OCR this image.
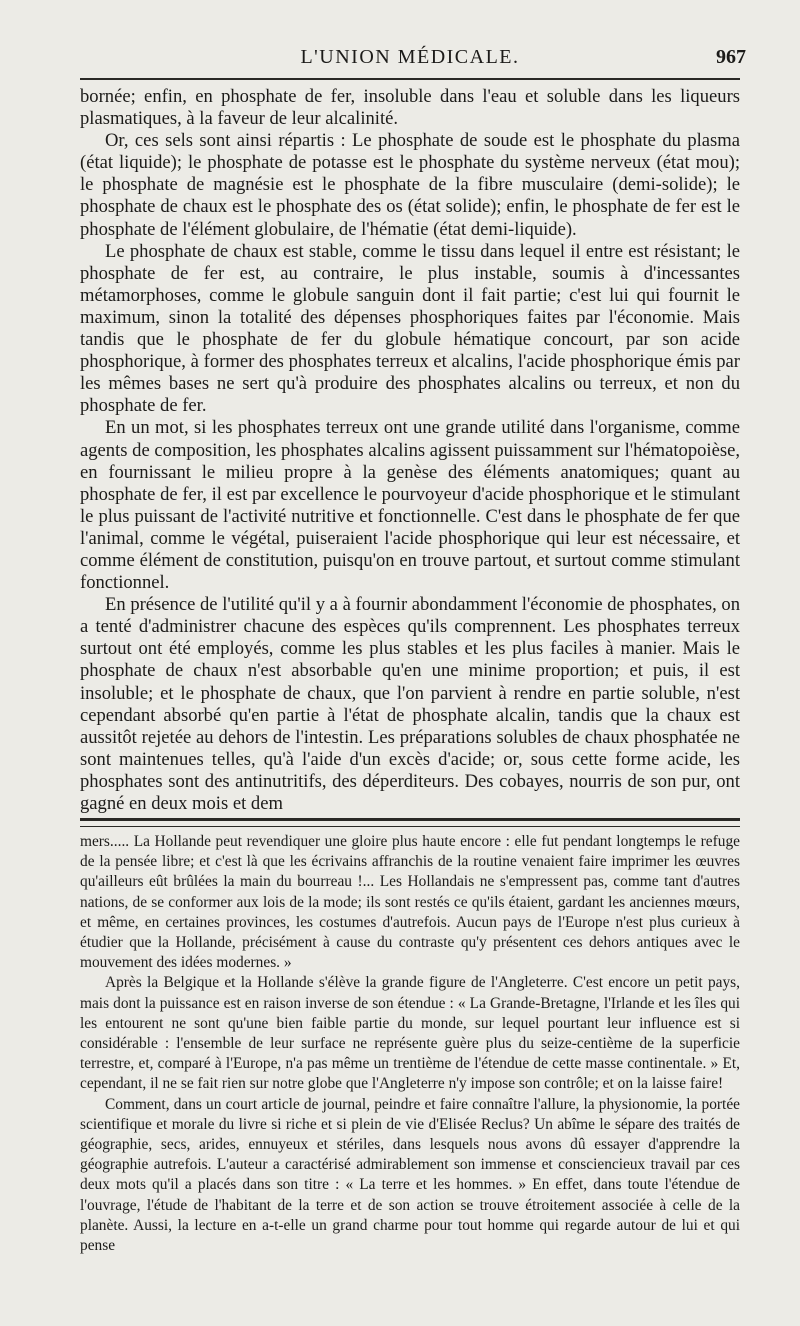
L'UNION MÉDICALE.	967

bornée; enfin, en phosphate de fer, insoluble dans l'eau et soluble dans les liqueurs plasmatiques, à la faveur de leur alcalinité.

Or, ces sels sont ainsi répartis : Le phosphate de soude est le phosphate du plasma (état liquide); le phosphate de potasse est le phosphate du système nerveux (état mou); le phosphate de magnésie est le phosphate de la fibre musculaire (demi-solide); le phosphate de chaux est le phosphate des os (état solide); enfin, le phosphate de fer est le phosphate de l'élément globulaire, de l'hématie (état demi-liquide).

Le phosphate de chaux est stable, comme le tissu dans lequel il entre est résistant; le phosphate de fer est, au contraire, le plus instable, soumis à d'incessantes métamorphoses, comme le globule sanguin dont il fait partie; c'est lui qui fournit le maximum, sinon la totalité des dépenses phosphoriques faites par l'économie. Mais tandis que le phosphate de fer du globule hématique concourt, par son acide phosphorique, à former des phosphates terreux et alcalins, l'acide phosphorique émis par les mêmes bases ne sert qu'à produire des phosphates alcalins ou terreux, et non du phosphate de fer.

En un mot, si les phosphates terreux ont une grande utilité dans l'organisme, comme agents de composition, les phosphates alcalins agissent puissamment sur l'hématopoièse, en fournissant le milieu propre à la genèse des éléments anatomiques; quant au phosphate de fer, il est par excellence le pourvoyeur d'acide phosphorique et le stimulant le plus puissant de l'activité nutritive et fonctionnelle. C'est dans le phosphate de fer que l'animal, comme le végétal, puiseraient l'acide phosphorique qui leur est nécessaire, et comme élément de constitution, puisqu'on en trouve partout, et surtout comme stimulant fonctionnel.

En présence de l'utilité qu'il y a à fournir abondamment l'économie de phosphates, on a tenté d'administrer chacune des espèces qu'ils comprennent. Les phosphates terreux surtout ont été employés, comme les plus stables et les plus faciles à manier. Mais le phosphate de chaux n'est absorbable qu'en une minime proportion; et puis, il est insoluble; et le phosphate de chaux, que l'on parvient à rendre en partie soluble, n'est cependant absorbé qu'en partie à l'état de phosphate alcalin, tandis que la chaux est aussitôt rejetée au dehors de l'intestin. Les préparations solubles de chaux phosphatée ne sont maintenues telles, qu'à l'aide d'un excès d'acide; or, sous cette forme acide, les phosphates sont des antinutritifs, des déperditeurs. Des cobayes, nourris de son pur, ont gagné en deux mois et dem

mers..... La Hollande peut revendiquer une gloire plus haute encore : elle fut pendant longtemps le refuge de la pensée libre; et c'est là que les écrivains affranchis de la routine venaient faire imprimer les œuvres qu'ailleurs eût brûlées la main du bourreau !... Les Hollandais ne s'empressent pas, comme tant d'autres nations, de se conformer aux lois de la mode; ils sont restés ce qu'ils étaient, gardant les anciennes mœurs, et même, en certaines provinces, les costumes d'autrefois. Aucun pays de l'Europe n'est plus curieux à étudier que la Hollande, précisément à cause du contraste qu'y présentent ces dehors antiques avec le mouvement des idées modernes. »

Après la Belgique et la Hollande s'élève la grande figure de l'Angleterre. C'est encore un petit pays, mais dont la puissance est en raison inverse de son étendue : « La Grande-Bretagne, l'Irlande et les îles qui les entourent ne sont qu'une bien faible partie du monde, sur lequel pourtant leur influence est si considérable : l'ensemble de leur surface ne représente guère plus du seize-centième de la superficie terrestre, et, comparé à l'Europe, n'a pas même un trentième de l'étendue de cette masse continentale. » Et, cependant, il ne se fait rien sur notre globe que l'Angleterre n'y impose son contrôle; et on la laisse faire!

Comment, dans un court article de journal, peindre et faire connaître l'allure, la physionomie, la portée scientifique et morale du livre si riche et si plein de vie d'Elisée Reclus? Un abîme le sépare des traités de géographie, secs, arides, ennuyeux et stériles, dans lesquels nous avons dû essayer d'apprendre la géographie autrefois. L'auteur a caractérisé admirablement son immense et consciencieux travail par ces deux mots qu'il a placés dans son titre : « La terre et les hommes. » En effet, dans toute l'étendue de l'ouvrage, l'étude de l'habitant de la terre et de son action se trouve étroitement associée à celle de la planète. Aussi, la lecture en a-t-elle un grand charme pour tout homme qui regarde autour de lui et qui pense
